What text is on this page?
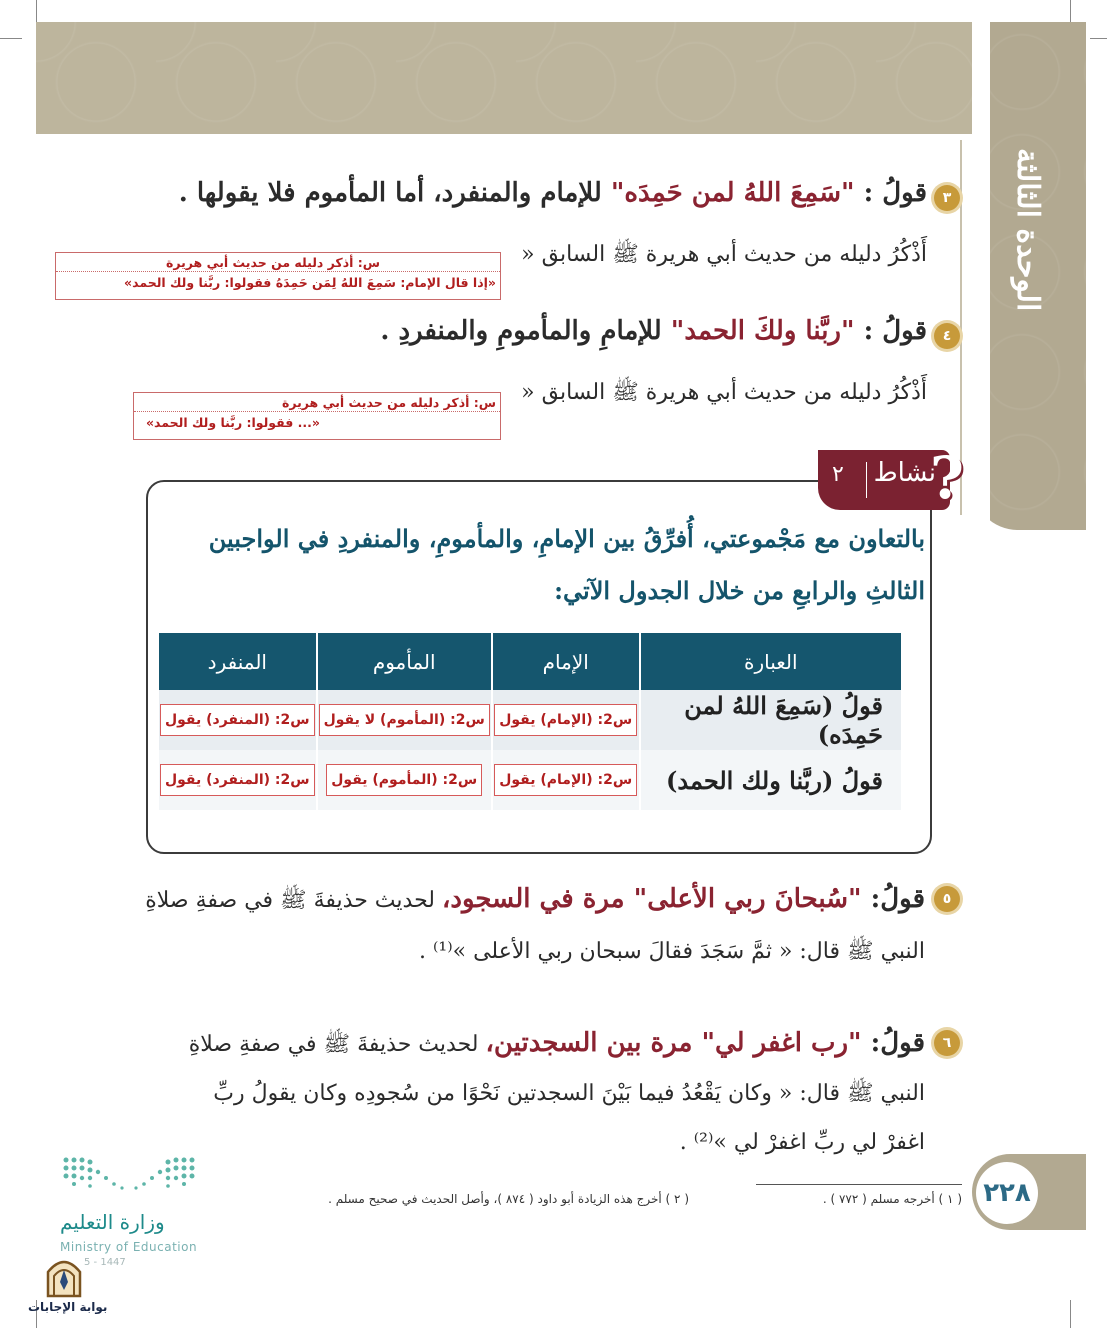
الوحدة الثالثة
٣
قولُ : "سَمِعَ اللهُ لمن حَمِدَه" للإمام والمنفرد، أما المأموم فلا يقولها .
أَذْكُرُ دليله من حديث أبي هريرة ﷺ السابق «
س: أذكر دليله من حديث أبي هريرة
«إذا قال الإمام: سَمِعَ اللهُ لِمَن حَمِدَهُ فقولوا: ربَّنا ولك الحمد»
٤
قولُ : "ربَّنا ولكَ الحمد" للإمامِ والمأمومِ والمنفردِ .
أَذْكُرُ دليله من حديث أبي هريرة ﷺ السابق «
س: أذكر دليله من حديث أبي هريرة
«... فقولوا: ربَّنا ولك الحمد»
نشاط
٢ ?
بالتعاون مع مَجْموعتي، أُفرِّقُ بين الإمامِ، والمأمومِ، والمنفردِ في الواجبين
الثالثِ والرابعِ من خلال الجدول الآتي:
العبارة	الإمام	المأموم	المنفرد
قولُ (سَمِعَ اللهُ لمن حَمِدَه)	س2: (الإمام) يقول	س2: (المأموم) لا يقول	س2: (المنفرد) يقول
قولُ (ربَّنا ولك الحمد)	س2: (الإمام) يقول	س2: (المأموم) يقول	س2: (المنفرد) يقول
٥
قولُ: "سُبحانَ ربي الأعلى" مرة في السجود، لحديث حذيفةَ ﷺ في صفةِ صلاةِ
النبي ﷺ قال: « ثمَّ سَجَدَ فقالَ سبحان ربي الأعلى »⁽¹⁾ .
٦
قولُ: "رب اغفر لي" مرة بين السجدتين، لحديث حذيفةَ ﷺ في صفةِ صلاةِ
النبي ﷺ قال: « وكان يَقْعُدُ فيما بَيْنَ السجدتين نَحْوًا من سُجودِه وكان يقولُ ربِّ
اغفرْ لي ربِّ اغفرْ لي »⁽²⁾ .
٢٢٨
( ١ ) أخرجه مسلم ( ٧٧٢ ) .
( ٢ ) أخرج هذه الزيادة أبو داود ( ٨٧٤ )، وأصل الحديث في صحيح مسلم .
وزارة التعليم
Ministry of Education
5 - 1447
بوابة الإجابات
